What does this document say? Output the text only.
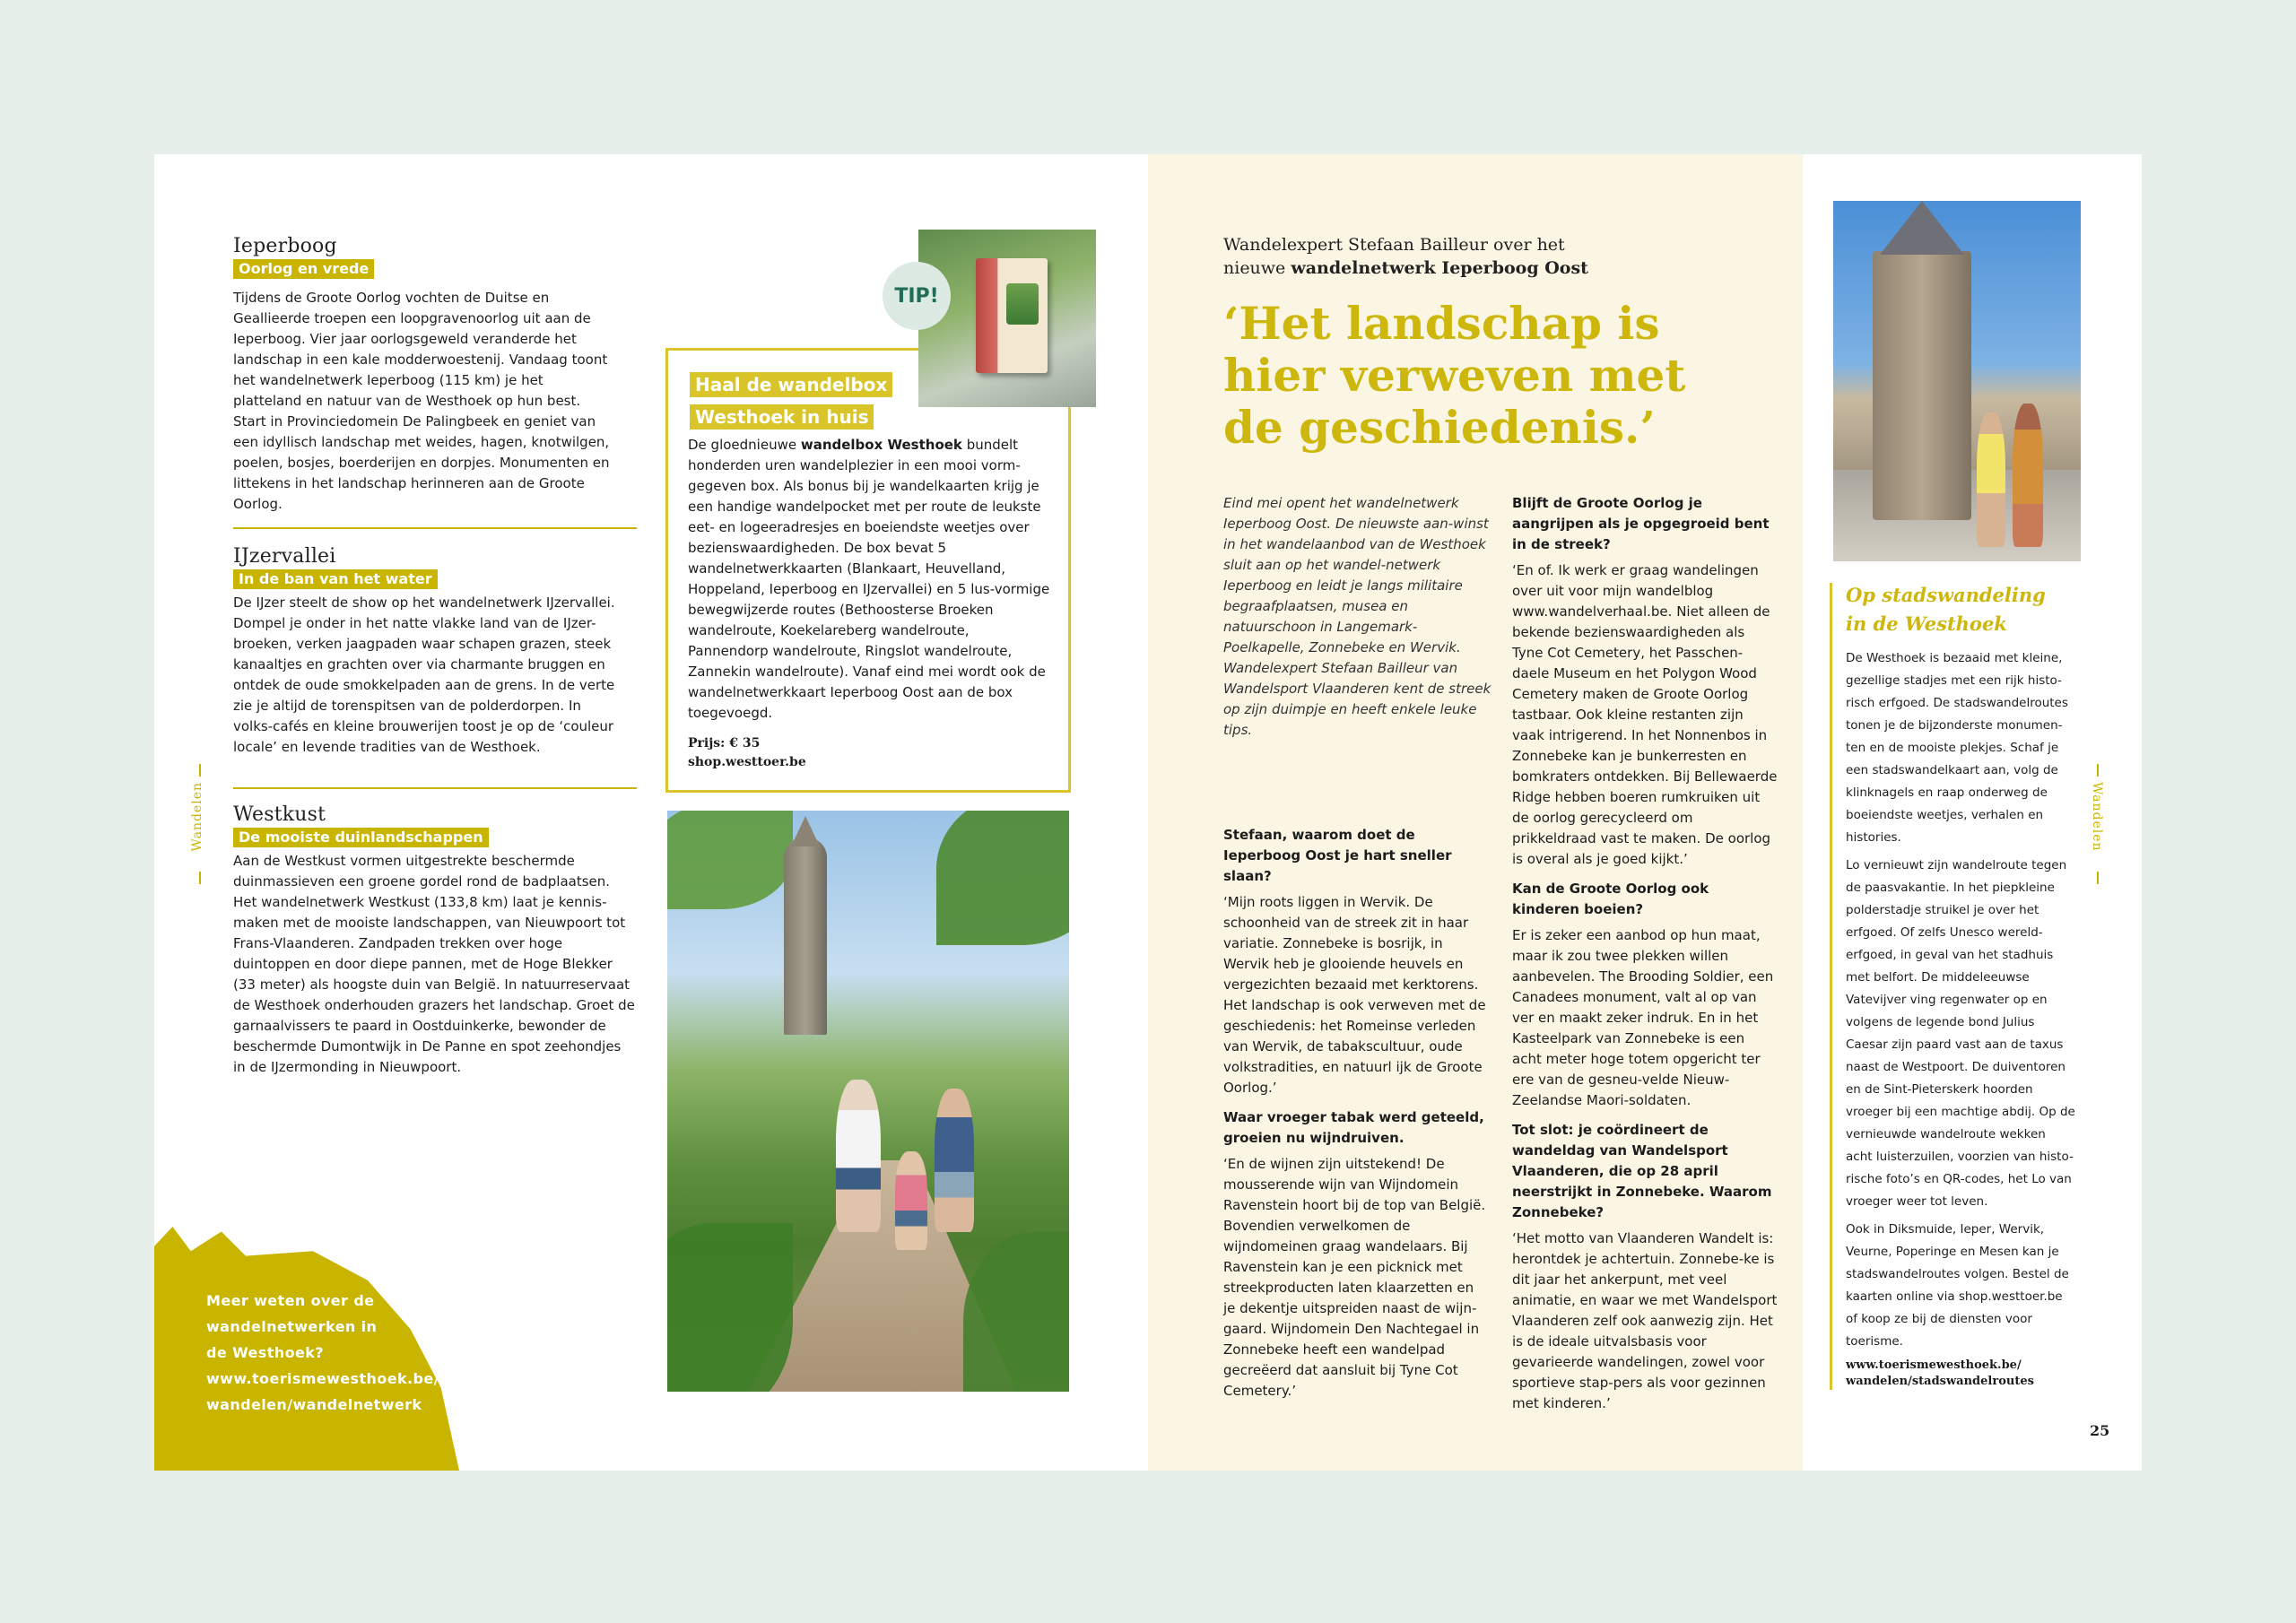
Wandelen
Ieperboog
Oorlog en vrede
Tijdens de Groote Oorlog vochten de Duitse en Geallieerde troepen een loopgravenoorlog uit aan de Ieperboog. Vier jaar oorlogsgeweld veranderde het landschap in een kale modderwoestenij. Vandaag toont het wandelnetwerk Ieperboog (115 km) je het platteland en natuur van de Westhoek op hun best. Start in Provinciedomein De Palingbeek en geniet van een idyllisch landschap met weides, hagen, knotwilgen, poelen, bosjes, boerderijen en dorpjes. Monumenten en littekens in het landschap herinneren aan de Groote Oorlog.
IJzervallei
In de ban van het water
De IJzer steelt de show op het wandelnetwerk IJzervallei. Dompel je onder in het natte vlakke land van de IJzer-broeken, verken jaagpaden waar schapen grazen, steek kanaaltjes en grachten over via charmante bruggen en ontdek de oude smokkelpaden aan de grens. In de verte zie je altijd de torenspitsen van de polderdorpen. In volks-cafés en kleine brouwerijen toost je op de ‘couleur locale’ en levende tradities van de Westhoek.
Westkust
De mooiste duinlandschappen
Aan de Westkust vormen uitgestrekte beschermde duinmassieven een groene gordel rond de badplaatsen. Het wandelnetwerk Westkust (133,8 km) laat je kennis-maken met de mooiste landschappen, van Nieuwpoort tot Frans-Vlaanderen. Zandpaden trekken over hoge duintoppen en door diepe pannen, met de Hoge Blekker (33 meter) als hoogste duin van België. In natuurreservaat de Westhoek onderhouden grazers het landschap. Groet de garnaalvissers te paard in Oostduinkerke, bewonder de beschermde Dumontwijk in De Panne en spot zeehondjes in de IJzermonding in Nieuwpoort.
Haal de wandelbox
Westhoek in huis
De gloednieuwe wandelbox Westhoek bundelt honderden uren wandelplezier in een mooi vorm-gegeven box. Als bonus bij je wandelkaarten krijg je een handige wandelpocket met per route de leukste eet- en logeeradresjes en boeiendste weetjes over bezienswaardigheden. De box bevat 5 wandelnetwerkkaarten (Blankaart, Heuvelland, Hoppeland, Ieperboog en IJzervallei) en 5 lus-vormige bewegwijzerde routes (Bethoosterse Broeken wandelroute, Koekelareberg wandelroute, Pannendorp wandelroute, Ringslot wandelroute, Zannekin wandelroute). Vanaf eind mei wordt ook de wandelnetwerkkaart Ieperboog Oost aan de box toegevoegd.
Prijs: € 35
shop.westtoer.be
TIP!
Meer weten over de
wandelnetwerken in
de Westhoek?
www.toerismewesthoek.be/
wandelen/wandelnetwerk
Wandelexpert Stefaan Bailleur over het
nieuwe wandelnetwerk Ieperboog Oost
‘Het landschap is hier verweven met de geschiedenis.’
Eind mei opent het wandelnetwerk Ieperboog Oost. De nieuwste aan-winst in het wandelaanbod van de Westhoek sluit aan op het wandel-netwerk Ieperboog en leidt je langs militaire begraafplaatsen, musea en natuurschoon in Langemark-Poelkapelle, Zonnebeke en Wervik. Wandelexpert Stefaan Bailleur van Wandelsport Vlaanderen kent de streek op zijn duimpje en heeft enkele leuke tips.
Stefaan, waarom doet de Ieperboog Oost je hart sneller slaan?
‘Mijn roots liggen in Wervik. De schoonheid van de streek zit in haar variatie. Zonnebeke is bosrijk, in Wervik heb je glooiende heuvels en vergezichten bezaaid met kerktorens. Het landschap is ook verweven met de geschiedenis: het Romeinse verleden van Wervik, de tabakscultuur, oude volkstradities, en natuurl ijk de Groote Oorlog.’
Waar vroeger tabak werd geteeld, groeien nu wijndruiven.
‘En de wijnen zijn uitstekend! De mousserende wijn van Wijndomein Ravenstein hoort bij de top van België. Bovendien verwelkomen de wijndomeinen graag wandelaars. Bij Ravenstein kan je een picknick met streekproducten laten klaarzetten en je dekentje uitspreiden naast de wijn-gaard. Wijndomein Den Nachtegael in Zonnebeke heeft een wandelpad gecreëerd dat aansluit bij Tyne Cot Cemetery.’
Blijft de Groote Oorlog je aangrijpen als je opgegroeid bent in de streek?
‘En of. Ik werk er graag wandelingen over uit voor mijn wandelblog www.wandelverhaal.be. Niet alleen de bekende bezienswaardigheden als Tyne Cot Cemetery, het Passchen-daele Museum en het Polygon Wood Cemetery maken de Groote Oorlog tastbaar. Ook kleine restanten zijn vaak intrigerend. In het Nonnenbos in Zonnebeke kan je bunkerresten en bomkraters ontdekken. Bij Bellewaerde Ridge hebben boeren rumkruiken uit de oorlog gerecycleerd om prikkeldraad vast te maken. De oorlog is overal als je goed kijkt.’
Kan de Groote Oorlog ook kinderen boeien?
Er is zeker een aanbod op hun maat, maar ik zou twee plekken willen aanbevelen. The Brooding Soldier, een Canadees monument, valt al op van ver en maakt zeker indruk. En in het Kasteelpark van Zonnebeke is een acht meter hoge totem opgericht ter ere van de gesneu-velde Nieuw-Zeelandse Maori-soldaten.
Tot slot: je coördineert de wandeldag van Wandelsport Vlaanderen, die op 28 april neerstrijkt in Zonnebeke. Waarom Zonnebeke?
‘Het motto van Vlaanderen Wandelt is: herontdek je achtertuin. Zonnebe-ke is dit jaar het ankerpunt, met veel animatie, en waar we met Wandelsport Vlaanderen zelf ook aanwezig zijn. Het is de ideale uitvalsbasis voor gevarieerde wandelingen, zowel voor sportieve stap-pers als voor gezinnen met kinderen.’
Op stadswandeling
in de Westhoek

De Westhoek is bezaaid met kleine, gezellige stadjes met een rijk histo-risch erfgoed. De stadswandelroutes tonen je de bijzonderste monumen-ten en de mooiste plekjes. Schaf je een stadswandelkaart aan, volg de klinknagels en raap onderweg de boeiendste weetjes, verhalen en histories.

Lo vernieuwt zijn wandelroute tegen de paasvakantie. In het piepkleine polderstadje struikel je over het erfgoed. Of zelfs Unesco wereld-erfgoed, in geval van het stadhuis met belfort. De middeleeuwse Vatevijver ving regenwater op en volgens de legende bond Julius Caesar zijn paard vast aan de taxus naast de Westpoort. De duiventoren en de Sint-Pieterskerk hoorden vroeger bij een machtige abdij. Op de vernieuwde wandelroute wekken acht luisterzuilen, voorzien van histo-rische foto’s en QR-codes, het Lo van vroeger weer tot leven.

Ook in Diksmuide, Ieper, Wervik, Veurne, Poperinge en Mesen kan je stadswandelroutes volgen. Bestel de kaarten online via shop.westtoer.be of koop ze bij de diensten voor toerisme.

www.toerismewesthoek.be/
wandelen/stadswandelroutes
Wandelen
25
